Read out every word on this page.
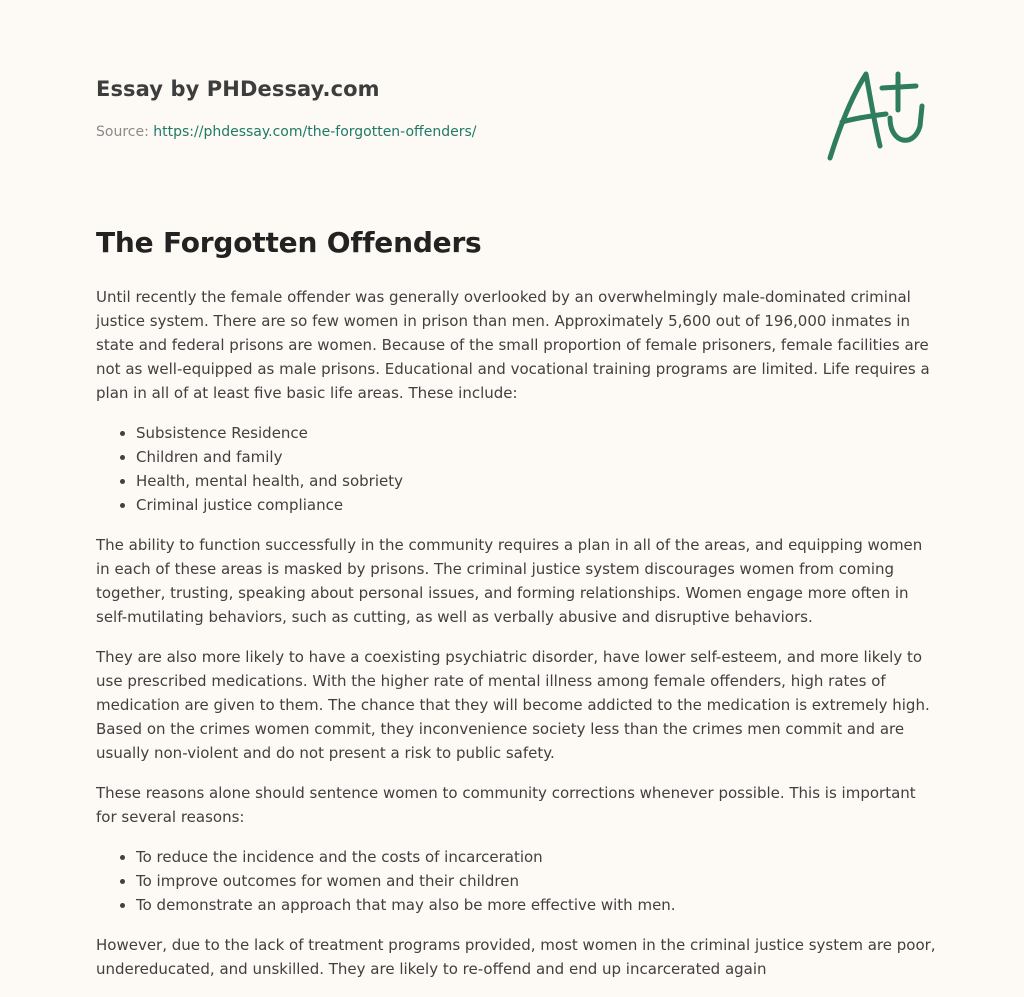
Essay by PHDessay.com
Source: https://phdessay.com/the-forgotten-offenders/
The Forgotten Offenders

Until recently the female offender was generally overlooked by an overwhelmingly male-dominated criminal justice system. There are so few women in prison than men. Approximately 5,600 out of 196,000 inmates in state and federal prisons are women. Because of the small proportion of female prisoners, female facilities are not as well-equipped as male prisons. Educational and vocational training programs are limited. Life requires a plan in all of at least five basic life areas. These include:

• Subsistence Residence
• Children and family
• Health, mental health, and sobriety
• Criminal justice compliance

The ability to function successfully in the community requires a plan in all of the areas, and equipping women in each of these areas is masked by prisons. The criminal justice system discourages women from coming together, trusting, speaking about personal issues, and forming relationships. Women engage more often in self-mutilating behaviors, such as cutting, as well as verbally abusive and disruptive behaviors.

They are also more likely to have a coexisting psychiatric disorder, have lower self-esteem, and more likely to use prescribed medications. With the higher rate of mental illness among female offenders, high rates of medication are given to them. The chance that they will become addicted to the medication is extremely high. Based on the crimes women commit, they inconvenience society less than the crimes men commit and are usually non-violent and do not present a risk to public safety.

These reasons alone should sentence women to community corrections whenever possible. This is important for several reasons:

• To reduce the incidence and the costs of incarceration
• To improve outcomes for women and their children
• To demonstrate an approach that may also be more effective with men.

However, due to the lack of treatment programs provided, most women in the criminal justice system are poor, undereducated, and unskilled. They are likely to re-offend and end up incarcerated again
